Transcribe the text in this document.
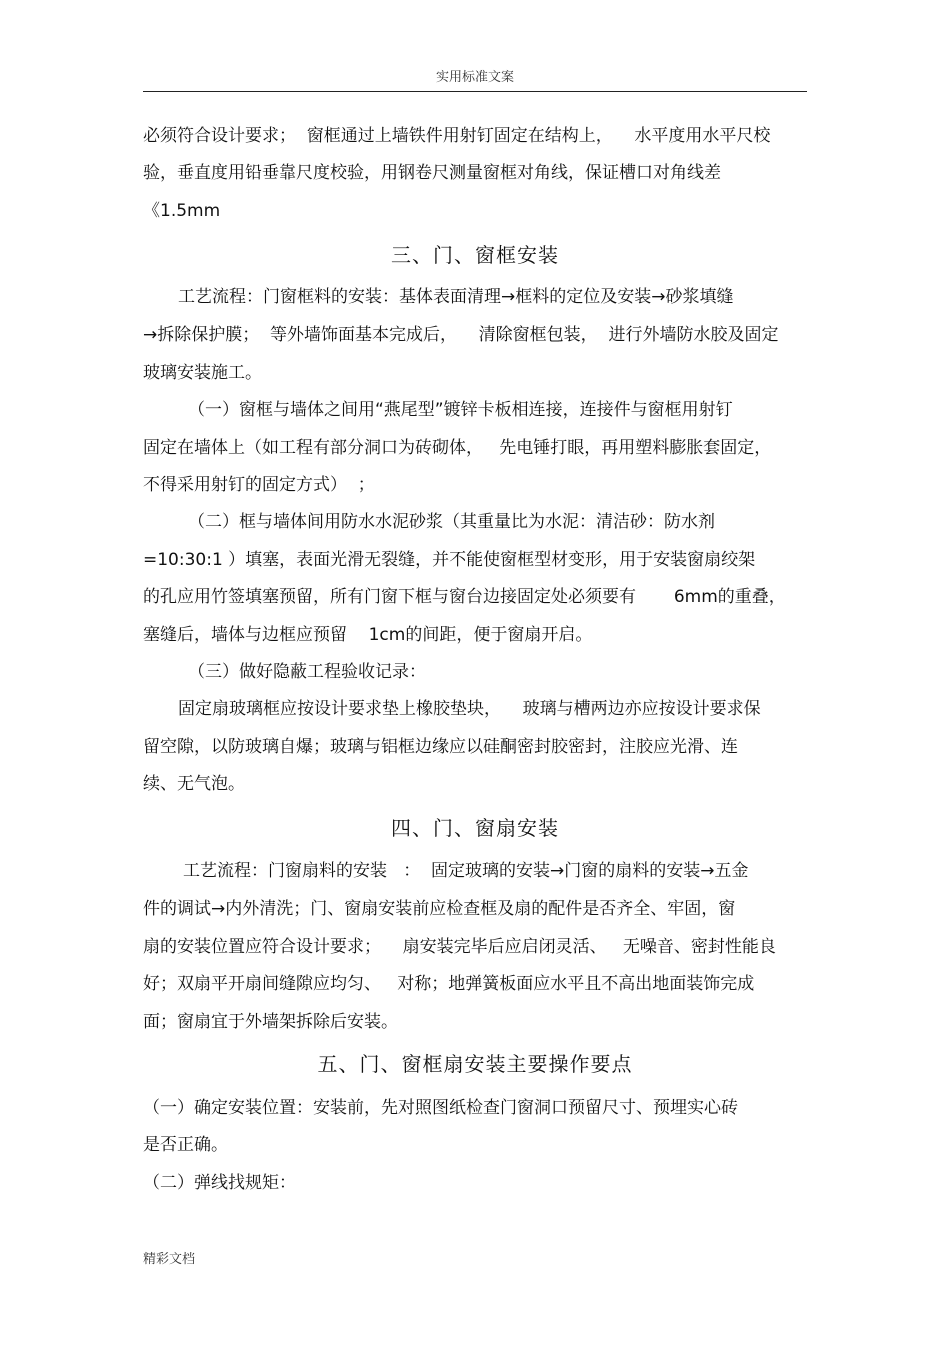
实用标准文案
必须符合设计要求；  窗框通过上墙铁件用射钉固定在结构上，    水平度用水平尺校
验，垂直度用铅垂靠尺度校验，用钢卷尺测量窗框对角线，保证槽口对角线差
《1.5mm
三、门、窗框安装
工艺流程：门窗框料的安装：基体表面清理→框料的定位及安装→砂浆填缝
→拆除保护膜；  等外墙饰面基本完成后，    清除窗框包装，  进行外墙防水胶及固定
玻璃安装施工。
（一）窗框与墙体之间用“燕尾型”镀锌卡板相连接，连接件与窗框用射钉
固定在墙体上（如工程有部分洞口为砖砌体，   先电锤打眼，再用塑料膨胀套固定，
不得采用射钉的固定方式）  ；
（二）框与墙体间用防水水泥砂浆（其重量比为水泥：清洁砂：防水剂
=10:30:1 ）填塞，表面光滑无裂缝，并不能使窗框型材变形，用于安装窗扇绞架
的孔应用竹签填塞预留，所有门窗下框与窗台边接固定处必须要有       6mm的重叠，
塞缝后，墙体与边框应预留    1cm的间距，便于窗扇开启。
（三）做好隐蔽工程验收记录：
固定扇玻璃框应按设计要求垫上橡胶垫块，    玻璃与槽两边亦应按设计要求保
留空隙，以防玻璃自爆；玻璃与铝框边缘应以硅酮密封胶密封，注胶应光滑、连
续、无气泡。
四、门、窗扇安装
工艺流程：门窗扇料的安装   ：  固定玻璃的安装→门窗的扇料的安装→五金
件的调试→内外清洗；门、窗扇安装前应检查框及扇的配件是否齐全、牢固，窗
扇的安装位置应符合设计要求；    扇安装完毕后应启闭灵活、   无噪音、密封性能良
好；双扇平开扇间缝隙应均匀、   对称；地弹簧板面应水平且不高出地面装饰完成
面；窗扇宜于外墙架拆除后安装。
五、门、窗框扇安装主要操作要点
（一）确定安装位置：安装前，先对照图纸检查门窗洞口预留尺寸、预埋实心砖
是否正确。
（二）弹线找规矩：
精彩文档
